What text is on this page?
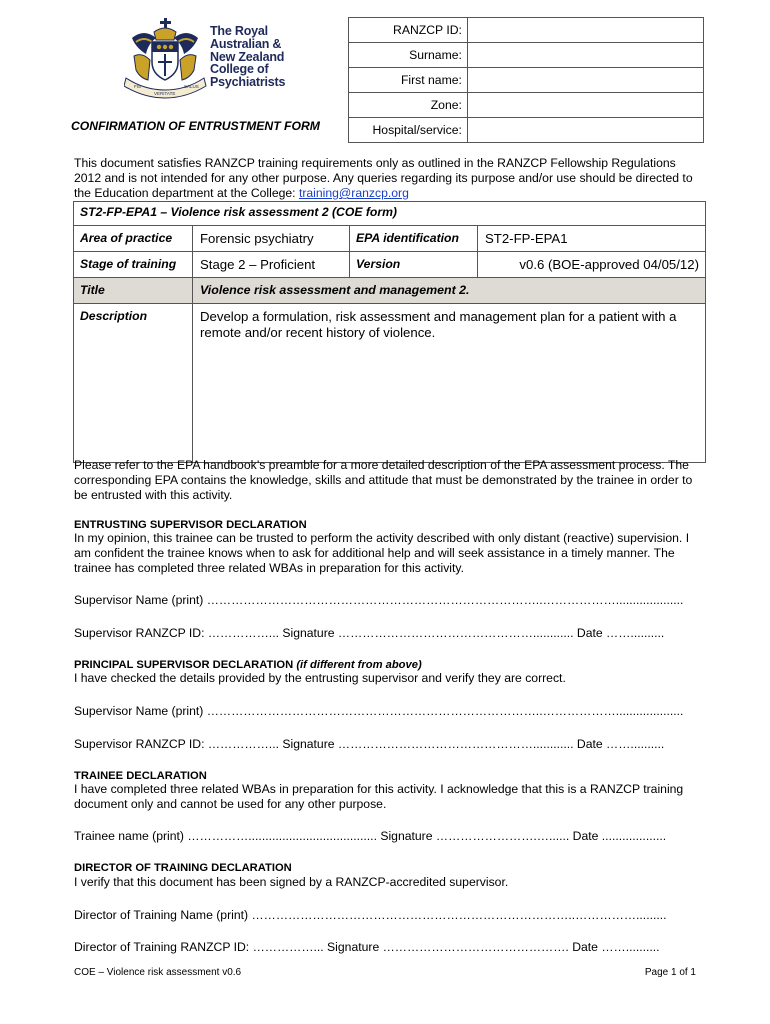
FIS
VERITATE
SALUS
The Royal
Australian &
New Zealand
College of
Psychiatrists
RANZCP ID:	
Surname:	
First name:	
Zone:	
Hospital/service:	
CONFIRMATION OF ENTRUSTMENT FORM
This document satisfies RANZCP training requirements only as outlined in the RANZCP Fellowship Regulations 2012 and is not intended for any other purpose. Any queries regarding its purpose and/or use should be directed to the Education department at the College: training@ranzcp.org
ST2-FP-EPA1 – Violence risk assessment 2 (COE form)			
Area of practice	Forensic psychiatry	EPA identification	ST2-FP-EPA1
Stage of training	Stage 2 – Proficient	Version	v0.6 (BOE-approved 04/05/12)
Title	Violence risk assessment and management 2.		
Description	Develop a formulation, risk assessment and management plan for a patient with a remote and/or recent history of violence.		
Please refer to the EPA handbook’s preamble for a more detailed description of the EPA assessment process. The corresponding EPA contains the knowledge, skills and attitude that must be demonstrated by the trainee in order to be entrusted with this activity.
ENTRUSTING SUPERVISOR DECLARATION
In my opinion, this trainee can be trusted to perform the activity described with only distant (reactive) supervision. I am confident the trainee knows when to ask for additional help and will seek assistance in a timely manner. The trainee has completed three related WBAs in preparation for this activity.
Supervisor Name (print) ………………………………………………………………………..………………....................
Supervisor RANZCP ID: ……………... Signature …………………………………………............ Date ……..........
PRINCIPAL SUPERVISOR DECLARATION (if different from above)
I have checked the details provided by the entrusting supervisor and verify they are correct.
Supervisor Name (print) ………………………………………………………………………..………………....................
Supervisor RANZCP ID: ……………... Signature …………………………………………............ Date ……..........
TRAINEE DECLARATION
I have completed three related WBAs in preparation for this activity. I acknowledge that this is a RANZCP training document only and cannot be used for any other purpose.
Trainee name (print) ……………...................................... Signature …………………….…...... Date ...................
DIRECTOR OF TRAINING DECLARATION
I verify that this document has been signed by a RANZCP-accredited supervisor.
Director of Training Name (print) ……………………………………………………………………..…………….........
Director of Training RANZCP ID: ……………... Signature ………………………………………. Date ……..........
COE – Violence risk assessment v0.6	Page 1 of 1
